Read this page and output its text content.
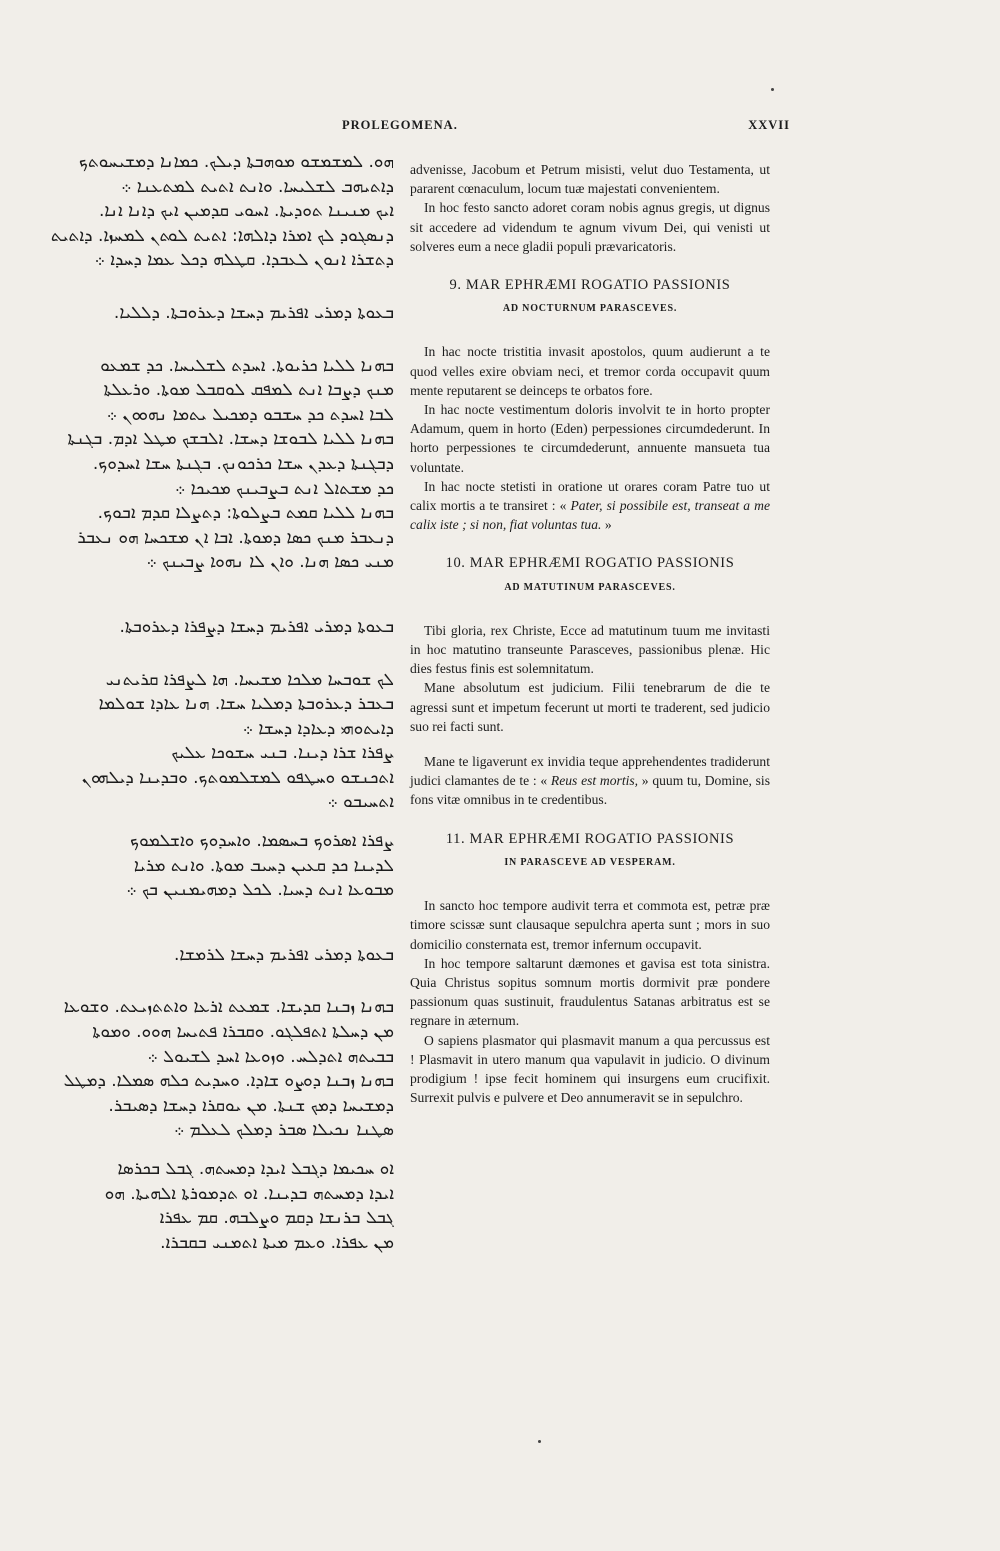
PROLEGOMENA.	XXVII
ܗܘ. ܠܡܫܡܫܘ ܡܘܗܒܬܐ ܕܝܠܟ. ܟܡܐܢܐ ܕܡܫܝܚܘܬܟ
ܕܐܬܝܗܒ ܠܫܠܝܚܐ. ܘܐܢܬ ܐܬܝܬ ܠܡܬܥܢܐ ܀
ܐܝܟ ܡܢܝܢܐ ܬܘܕܝܬܐ. ܐܚܘܝ ܩܕܡܝܢ ܐܝܟ ܕܐܢܐ ܐܢܐ.
ܕܢܣܓܘܕ ܠܟ ܐܡܪܐ ܕܐܠܗܐ: ܐܬܝܬ ܠܘܬܢ ܠܡܚܙܐ. ܕܐܬܝܬ
ܕܬܫܪܐ ܐܢܘܢ ܠܥܒܕܐ. ܩܛܠܗ ܕܟܠ ܥܡܐ ܕܚܕܐ ܀
ܒܥܘܬܐ ܕܡܪܝ ܐܦܪܝܡ ܕܚܫܐ ܕܥܪܘܒܬܐ. ܕܠܠܝܐ.
ܒܗܢܐ ܠܠܝܐ ܟܪܝܘܬܐ. ܐܚܕܬ ܠܫܠܝܚܐ. ܟܕ ܫܡܥܘ
ܡܢܟ ܕܨܒܐ ܐܢܬ ܠܡܦܩ ܠܘܩܒܠ ܡܘܬܐ. ܘܪܥܠܬܐ
ܠܒܐ ܐܚܕܬ ܟܕ ܚܫܒܘ ܕܡܟܝܠ ܝܬܡܐ ܢܗܘܘܢ ܀
ܒܗܢܐ ܠܠܝܐ ܠܒܘܫܐ ܕܚܫܐ. ܐܠܒܫܟ ܡܛܠ ܐܕܡ. ܒܓܢܬܐ
ܕܒܓܢܬܐ ܕܥܕܢ ܚܫܐ ܟܪܟܘܢܟ. ܒܓܢܬܐ ܚܫܐ ܐܚܕܘܟ.
ܟܕ ܡܫܬܐܠ ܐܢܬ ܒܨܒܝܢܟ ܡܟܝܟܐ ܀
ܒܗܢܐ ܠܠܝܐ ܩܡܬ ܒܨܠܘܬܐ: ܕܬܨܠܐ ܩܕܡ ܐܒܘܟ.
ܕܢܥܒܪ ܡܢܟ ܟܣܐ ܕܡܘܬܐ. ܐܒܐ ܐܢ ܡܫܟܚܐ ܗܘ ܢܥܒܪ
ܡܢܝ ܟܣܐ ܗܢܐ. ܘܐܢ ܠܐ ܢܗܘܐ ܨܒܝܢܟ ܀
ܒܥܘܬܐ ܕܡܪܝ ܐܦܪܝܡ ܕܚܫܐ ܕܨܦܪܐ ܕܥܪܘܒܬܐ.
ܠܟ ܫܘܒܚܐ ܡܠܟܐ ܡܫܝܚܐ. ܗܐ ܠܨܦܪܐ ܩܪܝܬܢܝ
ܒܥܒܪ ܕܥܪܘܒܬܐ ܕܡܠܝܐ ܚܫܐ. ܗܢܐ ܥܐܕܐ ܫܘܠܡܐ
ܕܐܝܬܘܗܝ ܕܥܐܕܐ ܕܚܫܐ ܀
ܨܦܪܐ ܫܪܐ ܕܝܢܐ. ܒܢܝ ܚܫܘܟܐ ܥܠܝܟ
ܐܬܟܢܫܘ ܘܚܛܦܘ ܠܡܫܠܡܘܬܟ. ܘܒܕܝܢܐ ܕܝܠܗܘܢ
ܐܬܚܝܒܘ ܀
ܨܦܪܐ ܐܣܪܘܟ ܒܚܣܡܐ. ܘܐܚܕܘܟ ܘܐܫܠܡܘܟ
ܠܕܝܢܐ ܟܕ ܩܥܝܢ ܕܚܝܒ ܡܘܬܐ. ܘܐܢܬ ܡܪܝܐ
ܡܒܘܥܐ ܐܢܬ ܕܚܝܐ. ܠܟܠ ܕܡܗܝܡܢܝܢ ܒܟ ܀
ܒܥܘܬܐ ܕܡܪܝ ܐܦܪܝܡ ܕܚܫܐ ܠܪܡܫܐ.
ܒܗܢܐ ܙܒܢܐ ܩܕܝܫܐ. ܫܡܥܬ ܐܪܥܐ ܘܐܬܬܙܝܥܬ. ܘܫܘܥܐ
ܡܢ ܕܚܠܬܐ ܐܬܦܠܓܘ. ܘܩܒܪܐ ܦܬܝܚܐ ܗܘܘ. ܘܡܘܬܐ
ܒܒܝܬܗ ܐܬܕܠܚ. ܘܙܘܥܐ ܐܚܕ ܠܫܝܘܠ ܀
ܒܗܢܐ ܙܒܢܐ ܕܘܨܘ ܫܐܕܐ. ܘܚܕܝܬ ܟܠܗ ܣܡܠܐ. ܕܡܛܠ
ܕܡܫܝܚܐ ܕܡܟ ܫܢܬܐ. ܡܢ ܝܘܩܪܐ ܕܚܫܐ ܕܣܝܒܪ.
ܣܛܢܐ ܢܟܝܠܐ ܣܒܪ ܕܡܠܟ ܠܥܠܡ ܀
ܐܘ ܚܟܝܡܐ ܕܓܒܠ ܐܝܕܐ ܕܡܚܬܗ. ܓܒܠ ܒܟܪܣܐ
ܐܝܕܐ ܕܡܚܬܗ ܒܕܝܢܐ. ܐܘ ܬܕܡܘܪܬܐ ܐܠܗܝܬܐ. ܗܘ
ܓܒܠ ܒܪܢܫܐ ܕܩܡ ܘܨܠܒܗ. ܩܡ ܥܦܪܐ
ܡܢ ܥܦܪܐ. ܘܥܡ ܡܝܬܐ ܐܬܡܢܝ ܒܩܒܪܐ.

advenisse, Jacobum et Petrum misisti, velut duo Testamenta, ut pararent cœnaculum, locum tuæ majestati convenientem.

In hoc festo sancto adoret coram nobis agnus gregis, ut dignus sit accedere ad videndum te agnum vivum Dei, qui venisti ut solveres eum a nece gladii populi prævaricatoris.

9. MAR EPHRÆMI ROGATIO PASSIONIS
AD NOCTURNUM PARASCEVES.

In hac nocte tristitia invasit apostolos, quum audierunt a te quod velles exire obviam neci, et tremor corda occupavit quum mente reputarent se deinceps te orbatos fore.

In hac nocte vestimentum doloris involvit te in horto propter Adamum, quem in horto (Eden) perpessiones circumdederunt. In horto perpessiones te circumdederunt, annuente mansueta tua voluntate.

In hac nocte stetisti in oratione ut orares coram Patre tuo ut calix mortis a te transiret : « Pater, si possibile est, transeat a me calix iste ; si non, fiat voluntas tua. »

10. MAR EPHRÆMI ROGATIO PASSIONIS
AD MATUTINUM PARASCEVES.

Tibi gloria, rex Christe, Ecce ad matutinum tuum me invitasti in hoc matutino transeunte Parasceves, passionibus plenæ. Hic dies festus finis est solemnitatum.

Mane absolutum est judicium. Filii tenebrarum de die te agressi sunt et impetum fecerunt ut morti te traderent, sed judicio suo rei facti sunt.

Mane te ligaverunt ex invidia teque apprehendentes tradiderunt judici clamantes de te : « Reus est mortis, » quum tu, Domine, sis fons vitæ omnibus in te credentibus.

11. MAR EPHRÆMI ROGATIO PASSIONIS
IN PARASCEVE AD VESPERAM.

In sancto hoc tempore audivit terra et commota est, petræ præ timore scissæ sunt clausaque sepulchra aperta sunt ; mors in suo domicilio consternata est, tremor infernum occupavit.

In hoc tempore saltarunt dæmones et gavisa est tota sinistra. Quia Christus sopitus somnum mortis dormivit præ pondere passionum quas sustinuit, fraudulentus Satanas arbitratus est se regnare in æternum.

O sapiens plasmator qui plasmavit manum a qua percussus est ! Plasmavit in utero manum qua vapulavit in judicio. O divinum prodigium ! ipse fecit hominem qui insurgens eum crucifixit. Surrexit pulvis e pulvere et Deo annumeravit se in sepulchro.
